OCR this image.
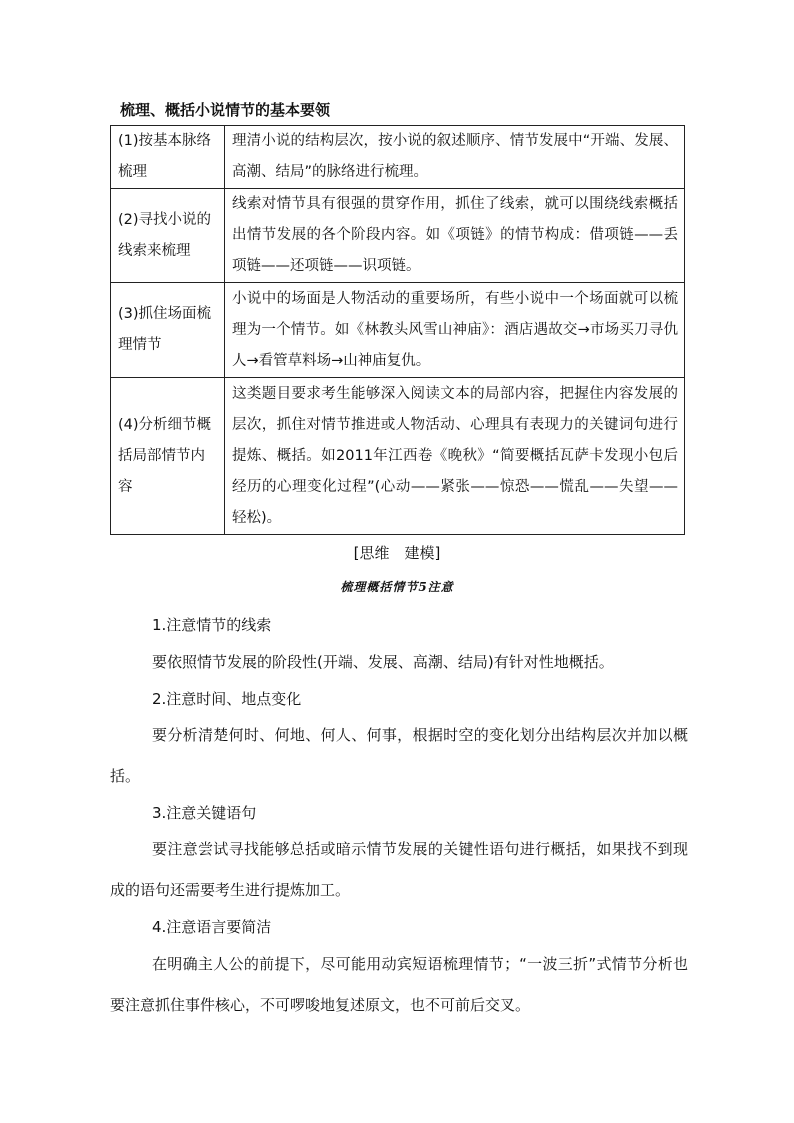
梳理、概括小说情节的基本要领
(1)按基本脉络梳理	理清小说的结构层次，按小说的叙述顺序、情节发展中“开端、发展、高潮、结局”的脉络进行梳理。
(2)寻找小说的线索来梳理	线索对情节具有很强的贯穿作用，抓住了线索，就可以围绕线索概括出情节发展的各个阶段内容。如《项链》的情节构成：借项链——丢项链——还项链——识项链。
(3)抓住场面梳理情节	小说中的场面是人物活动的重要场所，有些小说中一个场面就可以梳理为一个情节。如《林教头风雪山神庙》：酒店遇故交→市场买刀寻仇人→看管草料场→山神庙复仇。
(4)分析细节概括局部情节内容	这类题目要求考生能够深入阅读文本的局部内容，把握住内容发展的层次，抓住对情节推进或人物活动、心理具有表现力的关键词句进行提炼、概括。如2011年江西卷《晚秋》“简要概括瓦萨卡发现小包后经历的心理变化过程”(心动——紧张——惊恐——慌乱——失望——轻松)。
[思维　建模]
梳理概括情节5注意
1.注意情节的线索
要依照情节发展的阶段性(开端、发展、高潮、结局)有针对性地概括。
2.注意时间、地点变化
要分析清楚何时、何地、何人、何事，根据时空的变化划分出结构层次并加以概括。
3.注意关键语句
要注意尝试寻找能够总括或暗示情节发展的关键性语句进行概括，如果找不到现成的语句还需要考生进行提炼加工。
4.注意语言要简洁
在明确主人公的前提下，尽可能用动宾短语梳理情节；“一波三折”式情节分析也要注意抓住事件核心，不可啰唆地复述原文，也不可前后交叉。
